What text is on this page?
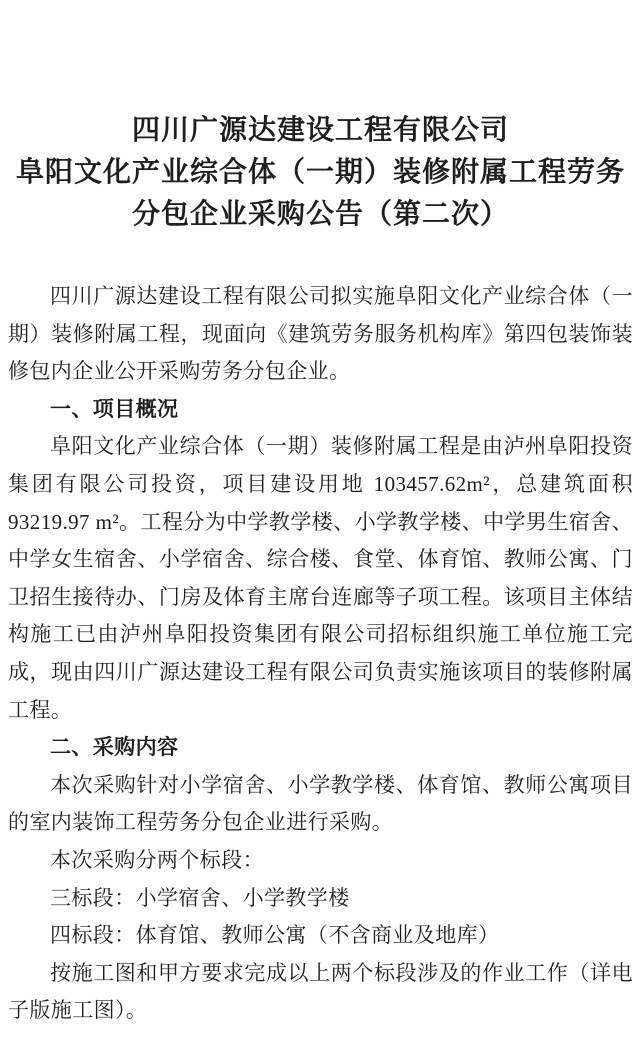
四川广源达建设工程有限公司
阜阳文化产业综合体（一期）装修附属工程劳务
分包企业采购公告（第二次）

四川广源达建设工程有限公司拟实施阜阳文化产业综合体（一期）装修附属工程，现面向《建筑劳务服务机构库》第四包装饰装修包内企业公开采购劳务分包企业。

一、项目概况

阜阳文化产业综合体（一期）装修附属工程是由泸州阜阳投资集团有限公司投资，项目建设用地 103457.62m²，总建筑面积 93219.97 m²。工程分为中学教学楼、小学教学楼、中学男生宿舍、中学女生宿舍、小学宿舍、综合楼、食堂、体育馆、教师公寓、门卫招生接待办、门房及体育主席台连廊等子项工程。该项目主体结构施工已由泸州阜阳投资集团有限公司招标组织施工单位施工完成，现由四川广源达建设工程有限公司负责实施该项目的装修附属工程。

二、采购内容

本次采购针对小学宿舍、小学教学楼、体育馆、教师公寓项目的室内装饰工程劳务分包企业进行采购。

本次采购分两个标段：

三标段：小学宿舍、小学教学楼

四标段：体育馆、教师公寓（不含商业及地库）

按施工图和甲方要求完成以上两个标段涉及的作业工作（详电子版施工图）。
